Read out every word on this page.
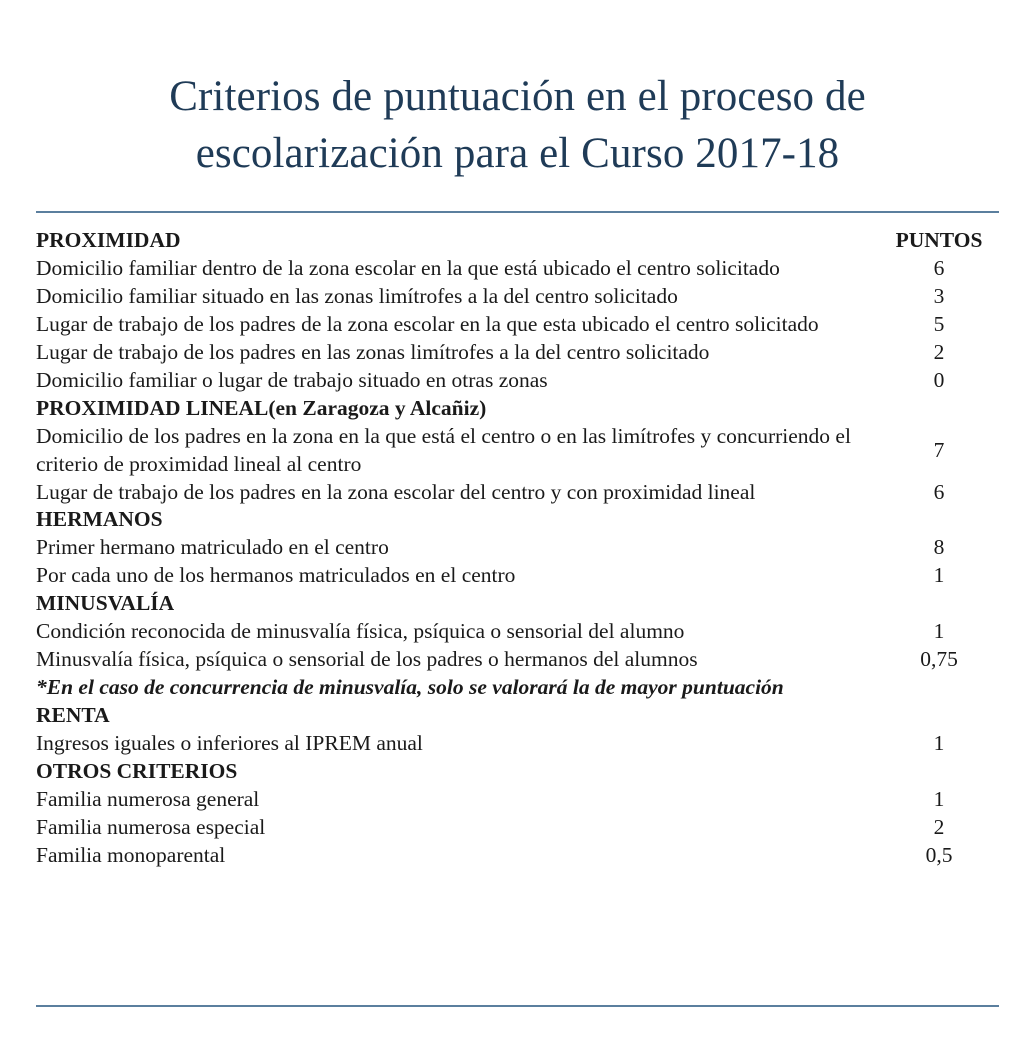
Criterios de puntuación en el proceso de escolarización para el Curso 2017-18
PROXIMIDAD	PUNTOS
Domicilio familiar dentro de la zona escolar en la que está ubicado el centro solicitado	6
Domicilio familiar situado en las zonas limítrofes a la del centro solicitado	3
Lugar de trabajo de los padres de la zona escolar en la que esta ubicado el centro solicitado	5
Lugar de trabajo de los padres en las zonas limítrofes a la del centro solicitado	2
Domicilio familiar o lugar de trabajo situado en otras zonas	0
PROXIMIDAD LINEAL(en Zaragoza y Alcañiz)	
Domicilio de los padres en la zona en la que está el centro o en las limítrofes y concurriendo el criterio de proximidad lineal al centro	7
Lugar de trabajo de los padres en la zona escolar del centro y con proximidad lineal	6
HERMANOS	
Primer hermano matriculado en el centro	8
Por cada uno de los hermanos matriculados en el centro	1
MINUSVALÍA	
Condición reconocida de minusvalía física, psíquica o sensorial del alumno	1
Minusvalía física, psíquica o sensorial de los padres o hermanos del alumnos	0,75
*En el caso de concurrencia de minusvalía, solo se valorará la de mayor puntuación	
RENTA	
Ingresos iguales o inferiores al IPREM anual	1
OTROS CRITERIOS	
Familia numerosa general	1
Familia numerosa especial	2
Familia monoparental	0,5
